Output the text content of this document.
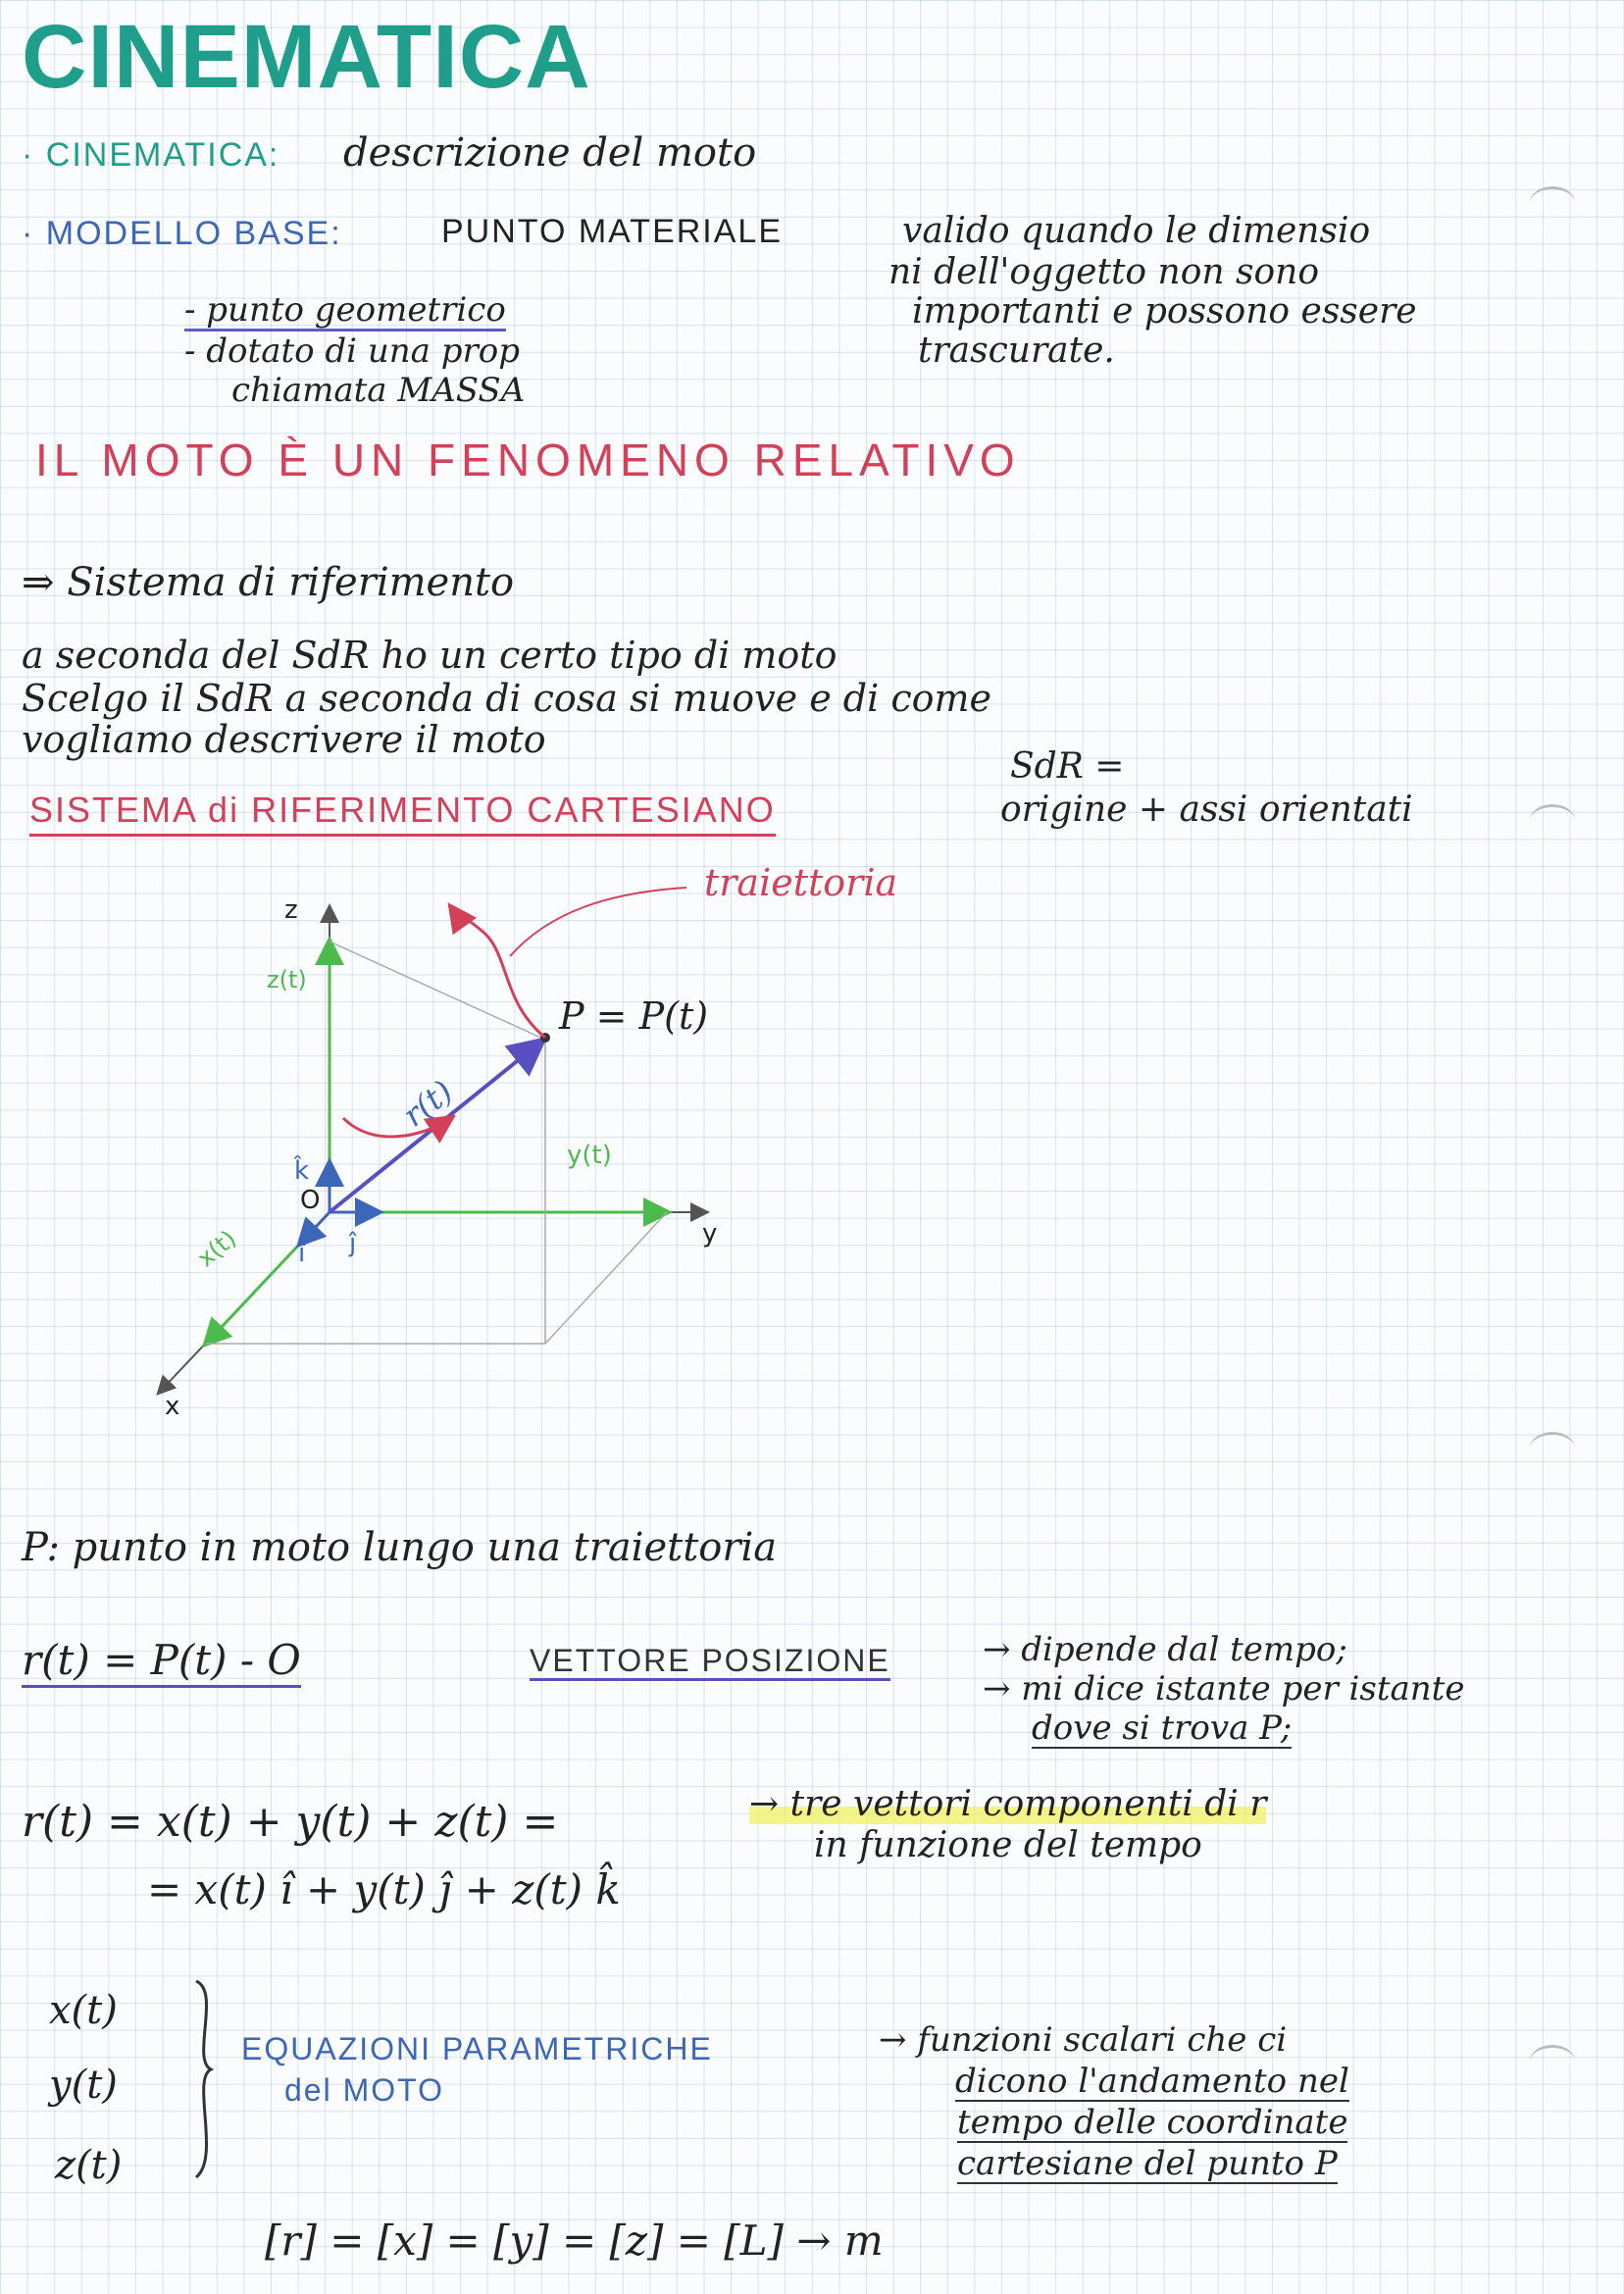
CINEMATICA
· CINEMATICA: descrizione del moto
· MODELLO BASE:	PUNTO MATERIALE
- punto geometrico
- dotato di una prop
chiamata MASSA
valido quando le dimensio
ni dell'oggetto non sono
importanti e possono essere
trascurate.
IL MOTO È UN FENOMENO RELATIVO
⇒ Sistema di riferimento
a seconda del SdR ho un certo tipo di moto
Scelgo il SdR a seconda di cosa si muove e di come
vogliamo descrivere il moto
SISTEMA di RIFERIMENTO CARTESIANO
SdR =
origine + assi orientati
traiettoria
P = P(t)
r(t)
z
z(t)
y
y(t)
x
x(t)
O
î ĵ
k̂
P: punto in moto lungo una traiettoria
r(t) = P(t) - O	VETTORE POSIZIONE	→ dipende dal tempo;
→ mi dice istante per istante
dove si trova P;
r(t) = x(t) + y(t) + z(t) =
= x(t) î + y(t) ĵ + z(t) k̂
→ tre vettori componenti di r
in funzione del tempo
x(t)
y(t)
z(t)
EQUAZIONI PARAMETRICHE
del MOTO
→ funzioni scalari che ci
dicono l'andamento nel
tempo delle coordinate
cartesiane del punto P
[r] = [x] = [y] = [z] = [L] → m
